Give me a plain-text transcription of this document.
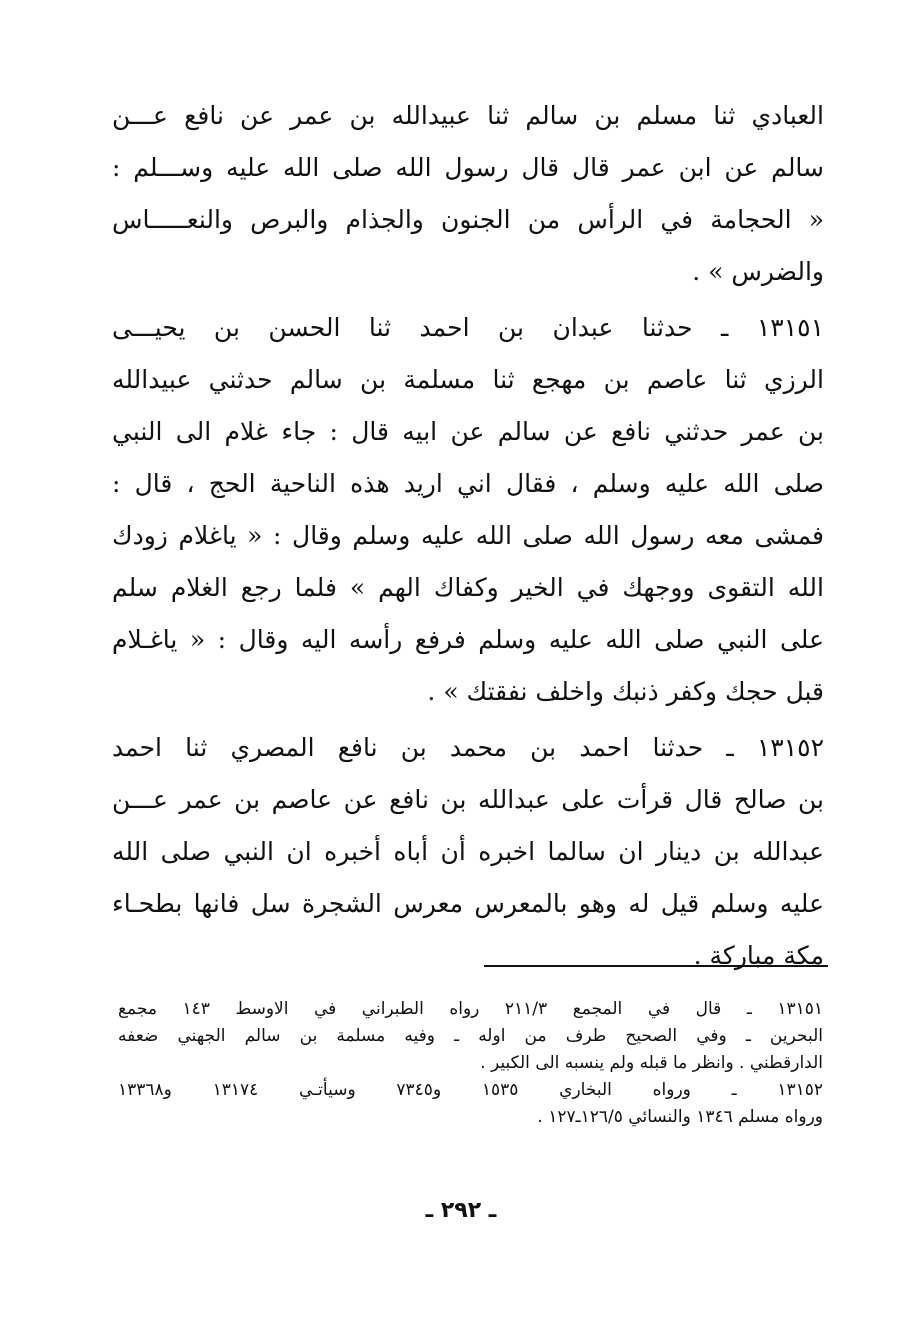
العبادي ثنا مسلم بن سالم ثنا عبيدالله بن عمر عن نافع عـــن
سالم عن ابن عمر قال قال رسول الله صلى الله عليه وســـلم :
« الحجامة في الرأس من الجنون والجذام والبرص والنعـــــاس
والضرس » .
١٣١٥١ ـ حدثنا عبدان بن احمد ثنا الحسن بن يحيـــى
الرزي ثنا عاصم بن مهجع ثنا مسلمة بن سالم حدثني عبيدالله
بن عمر حدثني نافع عن سالم عن ابيه قال : جاء غلام الى النبي
صلى الله عليه وسلم ، فقال اني اريد هذه الناحية الحج ، قال :
فمشى معه رسول الله صلى الله عليه وسلم وقال : « ياغلام زودك
الله التقوى ووجهك في الخير وكفاك الهم » فلما رجع الغلام سلم
على النبي صلى الله عليه وسلم فرفع رأسه اليه وقال : « ياغـلام
قبل حجك وكفر ذنبك واخلف نفقتك » .
١٣١٥٢ ـ حدثنا احمد بن محمد بن نافع المصري ثنا احمد
بن صالح قال قرأت على عبدالله بن نافع عن عاصم بن عمر عـــن
عبدالله بن دينار ان سالما اخبره أن أباه أخبره ان النبي صلى الله
عليه وسلم قيل له وهو بالمعرس معرس الشجرة سل فانها بطحـاء
مكة مباركة .
١٣١٥١ ـ قال في المجمع ٢١١/٣ رواه الطبراني في الاوسط ١٤٣ مجمع
البحرين ـ وفي الصحيح طرف من اوله ـ وفيه مسلمة بن سالم الجهني ضعفه
الدارقطني . وانظر ما قبله ولم ينسبه الى الكبير .
١٣١٥٢ ـ ورواه البخاري ١٥٣٥ و٧٣٤٥ وسيأتـي ١٣١٧٤ و١٣٣٦٨
ورواه مسلم ١٣٤٦ والنسائي ١٢٦/٥ـ١٢٧ .
ـ ٢٩٢ ـ
